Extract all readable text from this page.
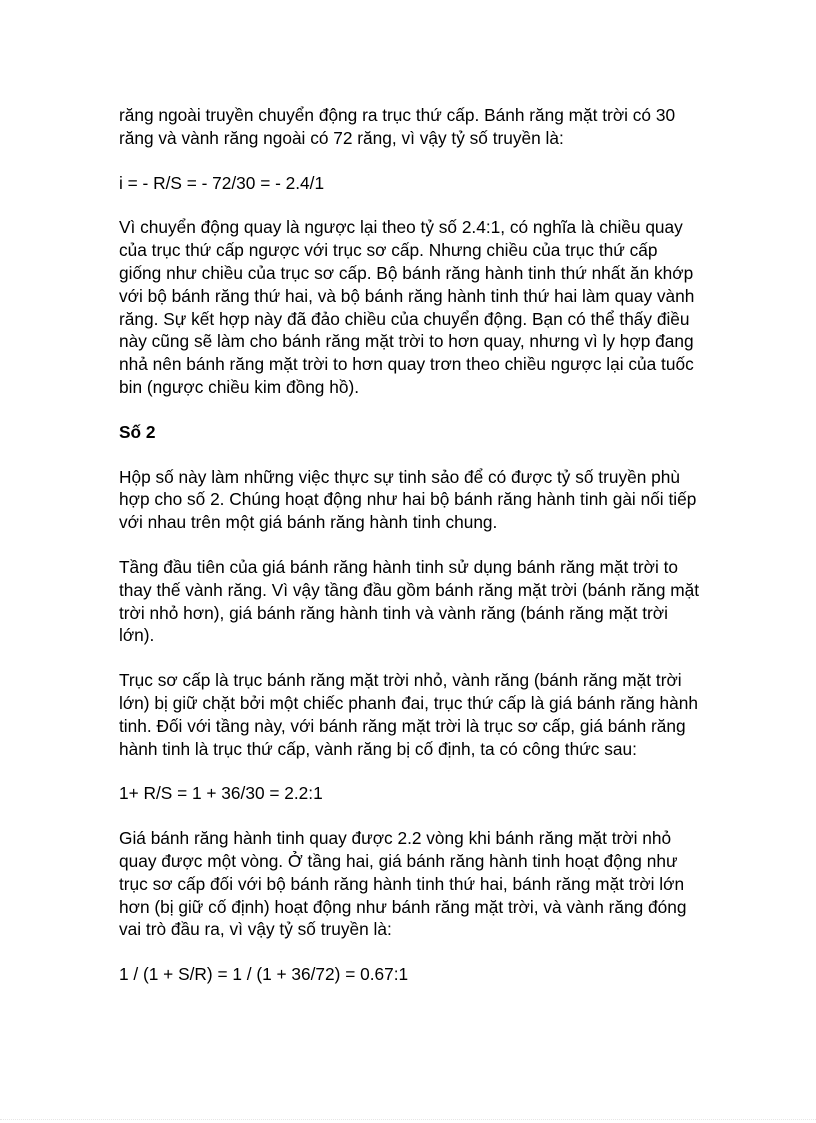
răng ngoài truyền chuyển động ra trục thứ cấp. Bánh răng mặt trời có 30 răng và vành răng ngoài có 72 răng, vì vậy tỷ số truyền là:

i = - R/S = - 72/30 = - 2.4/1

Vì chuyển động quay là ngược lại theo tỷ số 2.4:1, có nghĩa là chiều quay của trục thứ cấp ngược với trục sơ cấp. Nhưng chiều của trục thứ cấp giống như chiều của trục sơ cấp. Bộ bánh răng hành tinh thứ nhất ăn khớp với bộ bánh răng thứ hai, và bộ bánh răng hành tinh thứ hai làm quay vành răng. Sự kết hợp này đã đảo chiều của chuyển động. Bạn có thể thấy điều này cũng sẽ làm cho bánh răng mặt trời to hơn quay, nhưng vì ly hợp đang nhả nên bánh răng mặt trời to hơn quay trơn theo chiều ngược lại của tuốc bin (ngược chiều kim đồng hồ).

Số 2

Hộp số này làm những việc thực sự tinh sảo để có được tỷ số truyền phù hợp cho số 2. Chúng hoạt động như hai bộ bánh răng hành tinh gài nối tiếp với nhau trên một giá bánh răng hành tinh chung.

Tầng đầu tiên của giá bánh răng hành tinh sử dụng bánh răng mặt trời to thay thế vành răng. Vì vậy tầng đầu gồm bánh răng mặt trời (bánh răng mặt trời nhỏ hơn), giá bánh răng hành tinh và vành răng (bánh răng mặt trời lớn).

Trục sơ cấp là trục bánh răng mặt trời nhỏ, vành răng (bánh răng mặt trời lớn) bị giữ chặt bởi một chiếc phanh đai, trục thứ cấp là giá bánh răng hành tinh. Đối với tầng này, với bánh răng mặt trời là trục sơ cấp, giá bánh răng hành tinh là trục thứ cấp, vành răng bị cố định, ta có công thức sau:

1+ R/S = 1 + 36/30 = 2.2:1

Giá bánh răng hành tinh quay được 2.2 vòng khi bánh răng mặt trời nhỏ quay được một vòng. Ở tầng hai, giá bánh răng hành tinh hoạt động như trục sơ cấp đối với bộ bánh răng hành tinh thứ hai, bánh răng mặt trời lớn hơn (bị giữ cố định) hoạt động như bánh răng mặt trời, và vành răng đóng vai trò đầu ra, vì vậy tỷ số truyền là:

1 / (1 + S/R) = 1 / (1 + 36/72) = 0.67:1
